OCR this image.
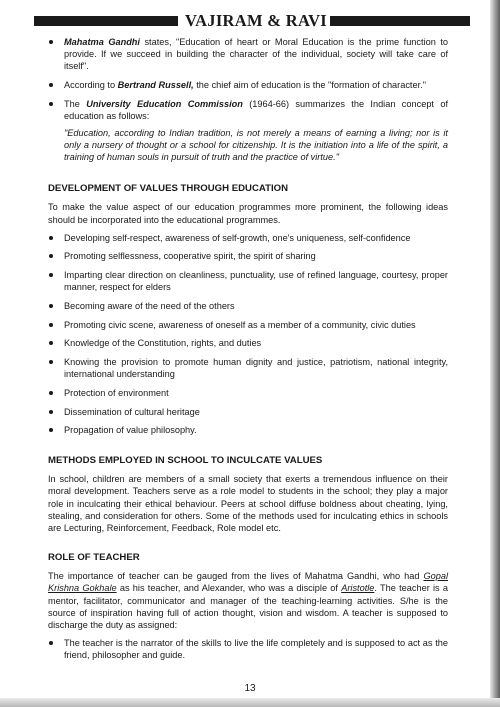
VAJIRAM & RAVI
Mahatma Gandhi states, "Education of heart or Moral Education is the prime function to provide. If we succeed in building the character of the individual, society will take care of itself".
According to Bertrand Russell, the chief aim of education is the "formation of character."
The University Education Commission (1964-66) summarizes the Indian concept of education as follows:

"Education, according to Indian tradition, is not merely a means of earning a living; nor is it only a nursery of thought or a school for citizenship. It is the initiation into a life of the spirit, a training of human souls in pursuit of truth and the practice of virtue."

DEVELOPMENT OF VALUES THROUGH EDUCATION

To make the value aspect of our education programmes more prominent, the following ideas should be incorporated into the educational programmes.

Developing self-respect, awareness of self-growth, one's uniqueness, self-confidence
Promoting selflessness, cooperative spirit, the spirit of sharing
Imparting clear direction on cleanliness, punctuality, use of refined language, courtesy, proper manner, respect for elders
Becoming aware of the need of the others
Promoting civic scene, awareness of oneself as a member of a community, civic duties
Knowledge of the Constitution, rights, and duties
Knowing the provision to promote human dignity and justice, patriotism, national integrity, international understanding
Protection of environment
Dissemination of cultural heritage
Propagation of value philosophy.
METHODS EMPLOYED IN SCHOOL TO INCULCATE VALUES

In school, children are members of a small society that exerts a tremendous influence on their moral development. Teachers serve as a role model to students in the school; they play a major role in inculcating their ethical behaviour. Peers at school diffuse boldness about cheating, lying, stealing, and consideration for others. Some of the methods used for inculcating ethics in schools are Lecturing, Reinforcement, Feedback, Role model etc.

ROLE OF TEACHER

The importance of teacher can be gauged from the lives of Mahatma Gandhi, who had Gopal Krishna Gokhale as his teacher, and Alexander, who was a disciple of Aristotle. The teacher is a mentor, facilitator, communicator and manager of the teaching-learning activities. S/he is the source of inspiration having full of action thought, vision and wisdom. A teacher is supposed to discharge the duty as assigned:

The teacher is the narrator of the skills to live the life completely and is supposed to act as the friend, philosopher and guide.
13
